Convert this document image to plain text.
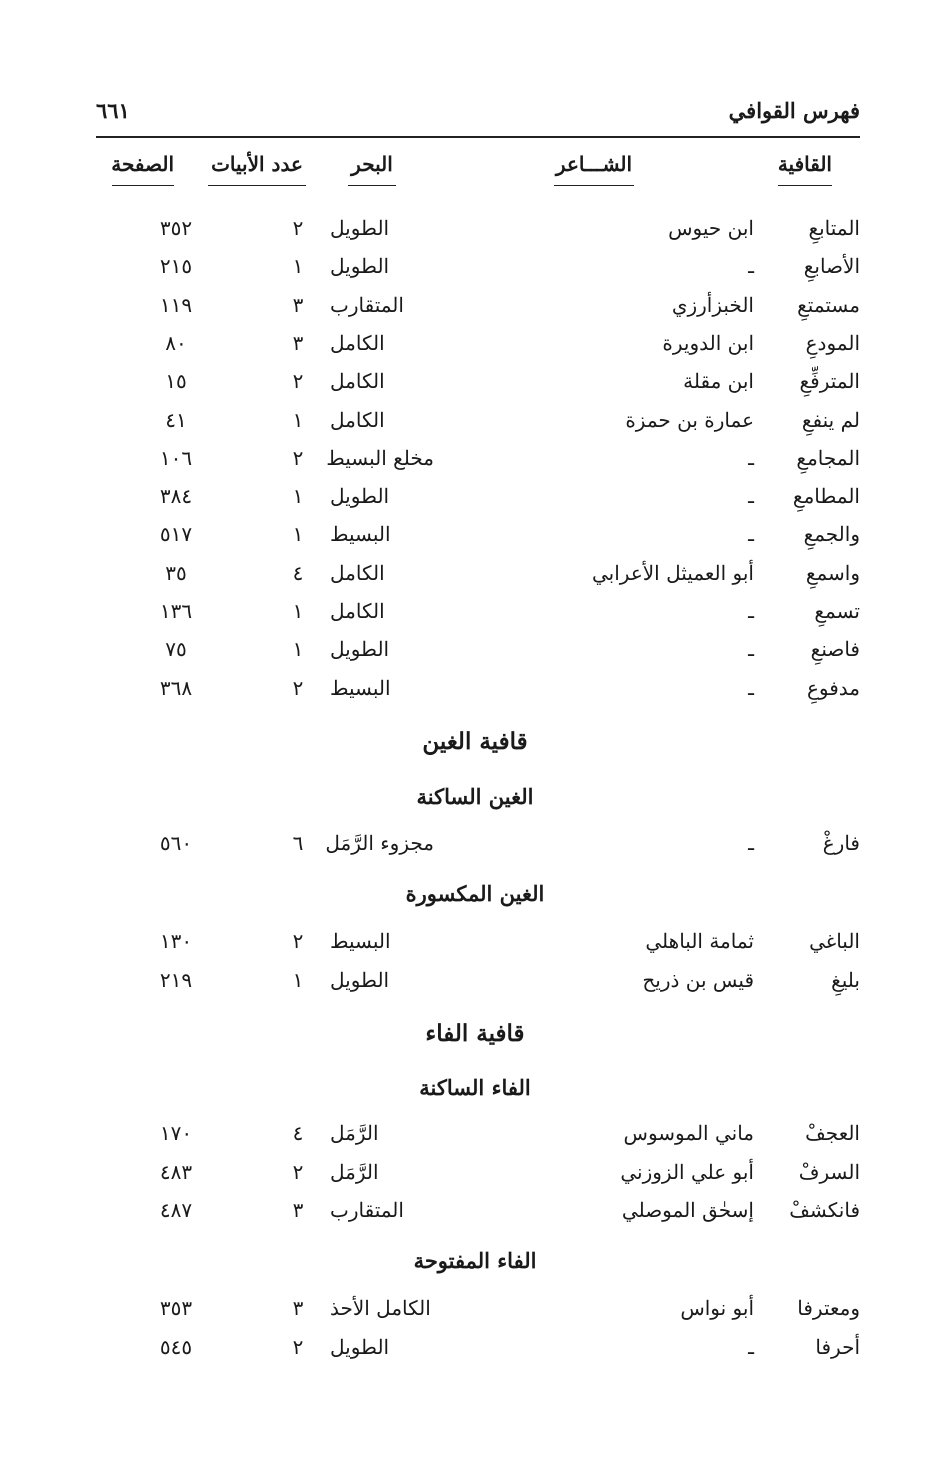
فهرس القوافي
٦٦١
القافية
الشـــاعر
البحر
عدد الأبيات
الصفحة
المتابعِ
ابن حيوس
الطويل
٢
٣٥٢
الأصابعِ
ـ
الطويل
١
٢١٥
مستمتعِ
الخبزأرزي
المتقارب
٣
١١٩
المودعِ
ابن الدويرة
الكامل
٣
٨٠
المترفِّعِ
ابن مقلة
الكامل
٢
١٥
لم ينفعِ
عمارة بن حمزة
الكامل
١
٤١
المجامعِ
ـ
مخلع البسيط
٢
١٠٦
المطامعِ
ـ
الطويل
١
٣٨٤
والجمعِ
ـ
البسيط
١
٥١٧
واسمعِ
أبو العميثل الأعرابي
الكامل
٤
٣٥
تسمعِ
ـ
الكامل
١
١٣٦
فاصنعِ
ـ
الطويل
١
٧٥
مدفوعِ
ـ
البسيط
٢
٣٦٨
فارغْ
ـ
مجزوء الرَّمَل
٦
٥٦٠
الباغي
ثمامة الباهلي
البسيط
٢
١٣٠
بليغِ
قيس بن ذريح
الطويل
١
٢١٩
العجفْ
ماني الموسوس
الرَّمَل
٤
١٧٠
السرفْ
أبو علي الزوزني
الرَّمَل
٢
٤٨٣
فانكشفْ
إسحٰق الموصلي
المتقارب
٣
٤٨٧
ومعترفا
أبو نواس
الكامل الأحذ
٣
٣٥٣
أحرفا
ـ
الطويل
٢
٥٤٥
قافية الغين
الغين الساكنة
الغين المكسورة
قافية الفاء
الفاء الساكنة
الفاء المفتوحة
